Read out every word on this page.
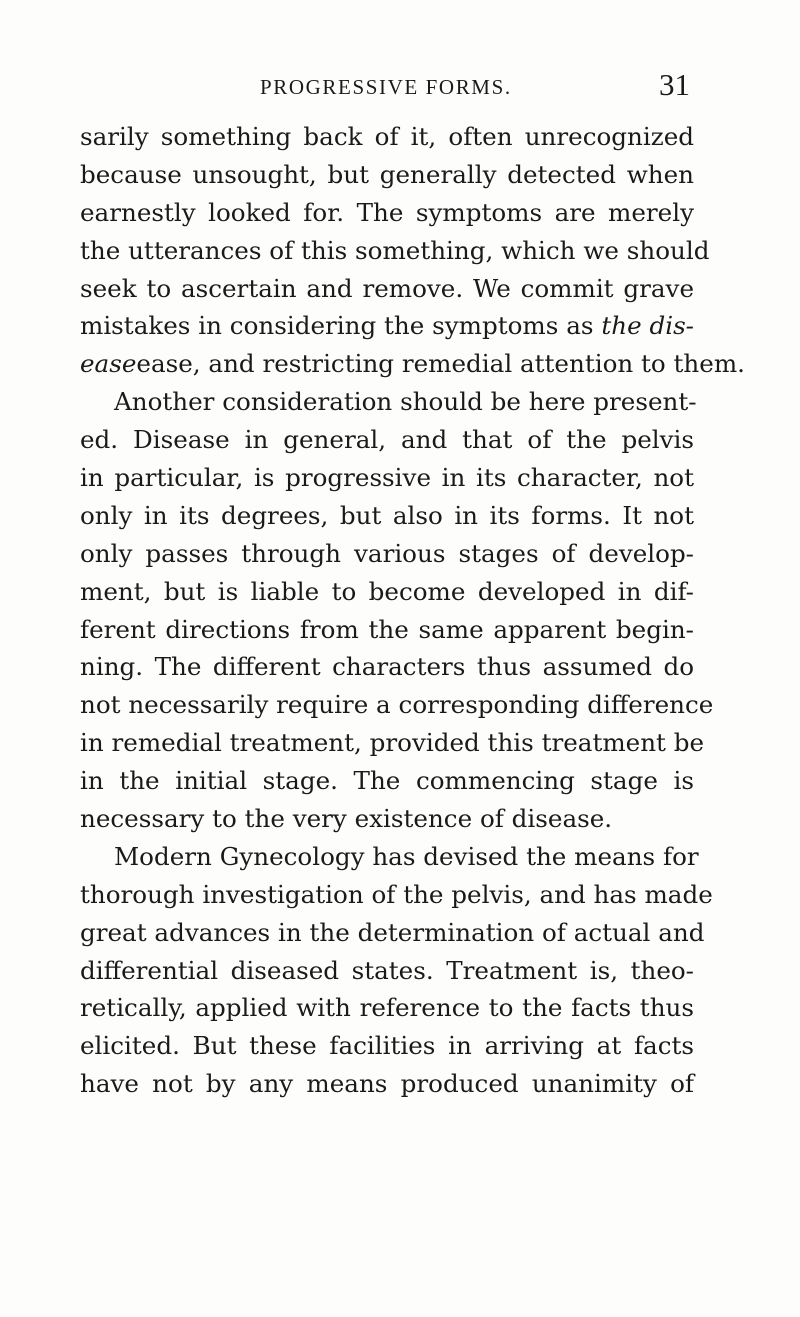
PROGRESSIVE FORMS.	31
sarily something back of it, often unrecognized
because unsought, but generally detected when
earnestly looked for. The symptoms are merely
the utterances of this something, which we should
seek to ascertain and remove. We commit grave
mistakes in considering the symptoms as the dis-
easeease, and restricting remedial attention to them.
Another consideration should be here present-
ed. Disease in general, and that of the pelvis
in particular, is progressive in its character, not
only in its degrees, but also in its forms. It not
only passes through various stages of develop-
ment, but is liable to become developed in dif-
ferent directions from the same apparent begin-
ning. The different characters thus assumed do
not necessarily require a corresponding difference
in remedial treatment, provided this treatment be
in the initial stage. The commencing stage is
necessary to the very existence of disease.
Modern Gynecology has devised the means for
thorough investigation of the pelvis, and has made
great advances in the determination of actual and
differential diseased states. Treatment is, theo-
retically, applied with reference to the facts thus
elicited. But these facilities in arriving at facts
have not by any means produced unanimity of
